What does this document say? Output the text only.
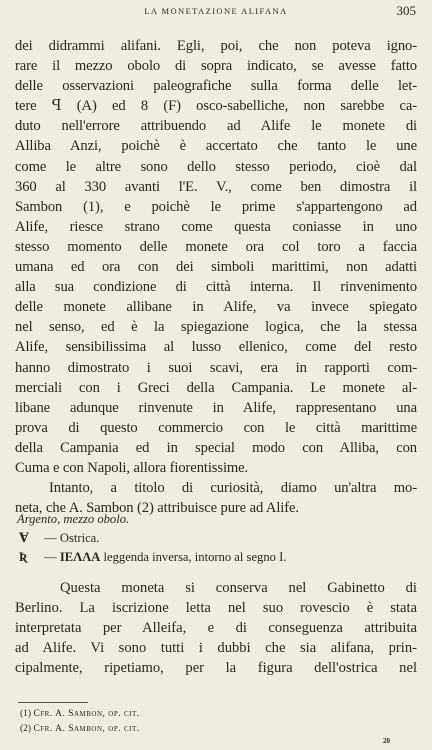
LA MONETAZIONE ALIFANA	305

dei didrammi alifani. Egli, poi, che non poteva igno-
rare il mezzo obolo di sopra indicato, se avesse fatto
delle osservazioni paleografiche sulla forma delle let-
tere ꟼ (A) ed 8 (F) osco-sabelliche, non sarebbe ca-
duto nell'errore attribuendo ad Alife le monete di
Alliba Anzi, poichè è accertato che tanto le une
come le altre sono dello stesso periodo, cioè dal
360 al 330 avanti l'E. V., come ben dimostra il
Sambon (1), e poichè le prime s'appartengono ad
Alife, riesce strano come questa coniasse in uno
stesso momento delle monete ora col toro a faccia
umana ed ora con dei simboli marittimi, non adatti
alla sua condizione di città interna. Il rinvenimento
delle monete allibane in Alife, va invece spiegato
nel senso, ed è la spiegazione logica, che la stessa
Alife, sensibilissima al lusso ellenico, come del resto
hanno dimostrato i suoi scavi, era in rapporti com-
merciali con i Greci della Campania. Le monete al-
libane adunque rinvenute in Alife, rappresentano una
prova di questo commercio con le città marittime
della Campania ed in special modo con Alliba, con
Cuma e con Napoli, allora fiorentissime.

Intanto, a titolo di curiosità, diamo un'altra mo-
neta, che A. Sambon (2) attribuisce pure ad Alife.

Argento, mezzo obolo.
Ɐ — Ostrica.
Ʀ — IEΛΛΑ leggenda inversa, intorno al segno I.
Questa moneta si conserva nel Gabinetto di
Berlino. La iscrizione letta nel suo rovescio è stata
interpretata per Alleifa, e di conseguenza attribuita
ad Alife. Vi sono tutti i dubbi che sia alifana, prin-
cipalmente, ripetiamo, per la figura dell'ostrica nel
(1) Cfr. A. Sambon, op. cit.
(2) Cfr. A. Sambon, op. cit.
20
